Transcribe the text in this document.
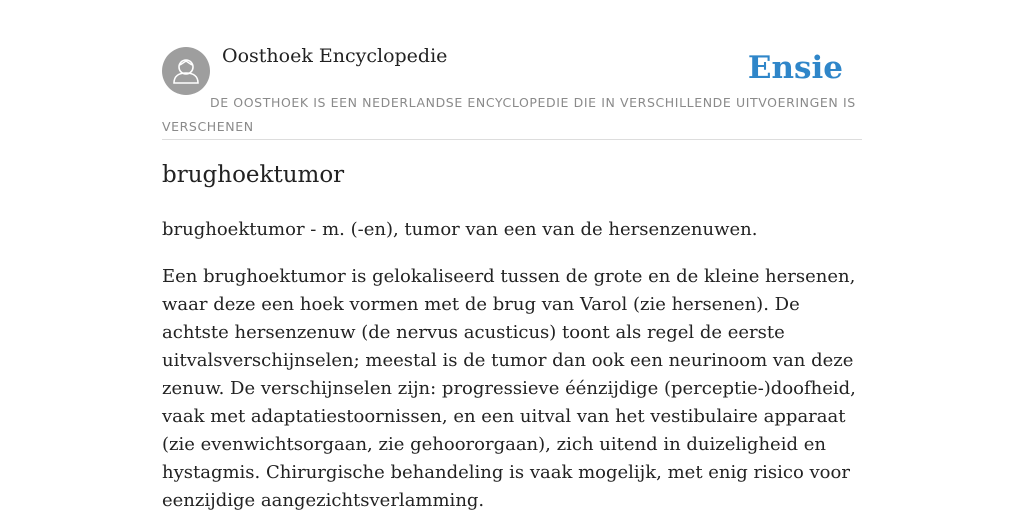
Oosthoek Encyclopedie	Ensie
DE OOSTHOEK IS EEN NEDERLANDSE ENCYCLOPEDIE DIE IN VERSCHILLENDE UITVOERINGEN IS VERSCHENEN
brughoektumor

brughoektumor - m. (-en), tumor van een van de hersenzenuwen.

Een brughoektumor is gelokaliseerd tussen de grote en de kleine hersenen, waar deze een hoek vormen met de brug van Varol (zie hersenen). De achtste hersenzenuw (de nervus acusticus) toont als regel de eerste uitvalsverschijnselen; meestal is de tumor dan ook een neurinoom van deze zenuw. De verschijnselen zijn: progressieve éénzijdige (perceptie-)doofheid, vaak met adaptatiestoornissen, en een uitval van het vestibulaire apparaat (zie evenwichtsorgaan, zie gehoororgaan), zich uitend in duizeligheid en hystagmis. Chirurgische behandeling is vaak mogelijk, met enig risico voor eenzijdige aangezichtsverlamming.
